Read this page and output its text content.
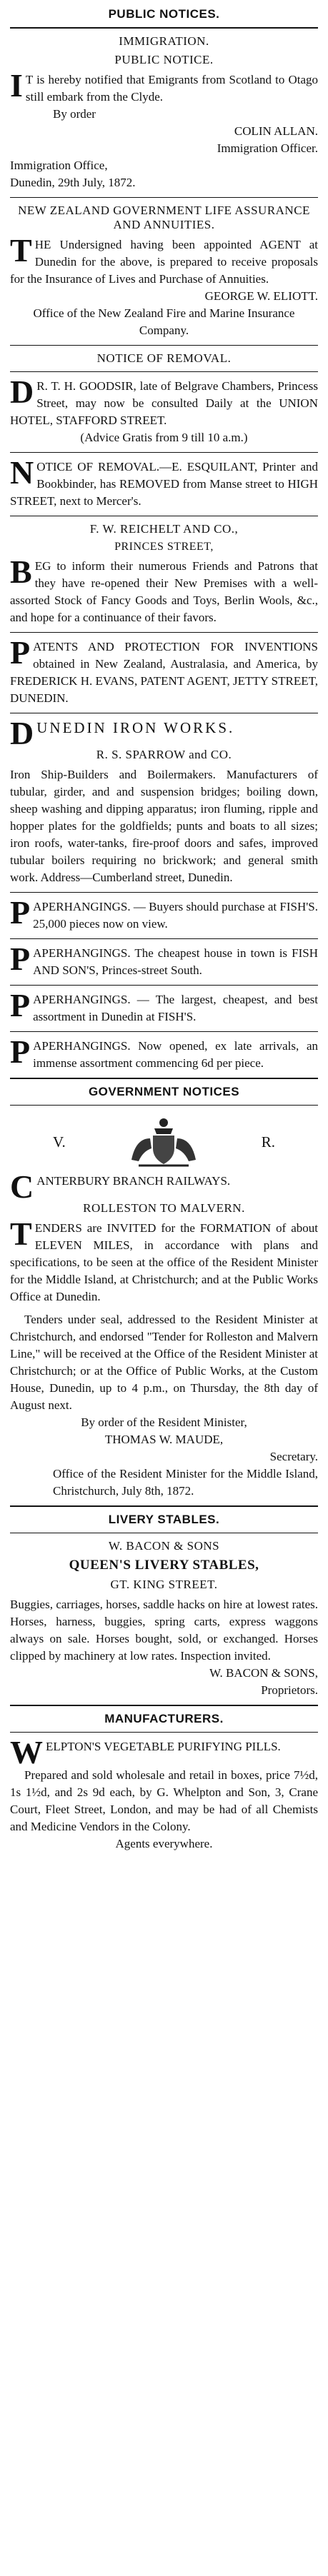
PUBLIC NOTICES.
IMMIGRATION.
PUBLIC NOTICE.

I T is hereby notified that Emigrants from Scotland to Otago still embark from the Clyde.

By order

COLIN ALLAN.

Immigration Officer.

Immigration Office,

Dunedin, 29th July, 1872.

NEW ZEALAND GOVERNMENT LIFE ASSURANCE AND ANNUITIES.

THE Undersigned having been appointed AGENT at Dunedin for the above, is prepared to receive proposals for the Insurance of Lives and Purchase of Annuities.

GEORGE W. ELIOTT.

Office of the New Zealand Fire and Marine Insurance Company.

NOTICE OF REMOVAL.

D R. T. H. GOODSIR, late of Belgrave Chambers, Princess Street, may now be consulted Daily at the UNION HOTEL, STAFFORD STREET.

(Advice Gratis from 9 till 10 a.m.)

NOTICE OF REMOVAL.—E. ESQUILANT, Printer and Bookbinder, has REMOVED from Manse street to HIGH STREET, next to Mercer's.

F. W. REICHELT AND CO.,
PRINCES STREET,

BEG to inform their numerous Friends and Patrons that they have re-opened their New Premises with a well-assorted Stock of Fancy Goods and Toys, Berlin Wools, &c., and hope for a continuance of their favors.

PATENTS AND PROTECTION FOR INVENTIONS obtained in New Zealand, Australasia, and America, by FREDERICK H. EVANS, PATENT AGENT, JETTY STREET, DUNEDIN.

D UNEDIN IRON WORKS.

R. S. SPARROW and CO.

Iron Ship-Builders and Boilermakers. Manufacturers of tubular, girder, and and suspension bridges; boiling down, sheep washing and dipping apparatus; iron fluming, ripple and hopper plates for the goldfields; punts and boats to all sizes; iron roofs, water-tanks, fire-proof doors and safes, improved tubular boilers requiring no brickwork; and general smith work. Address—Cumberland street, Dunedin.

PAPERHANGINGS. — Buyers should purchase at FISH'S. 25,000 pieces now on view.

PAPERHANGINGS. The cheapest house in town is FISH AND SON'S, Princes-street South.

PAPERHANGINGS. — The largest, cheapest, and best assortment in Dunedin at FISH'S.

PAPERHANGINGS. Now opened, ex late arrivals, an immense assortment commencing 6d per piece.

GOVERNMENT NOTICES
V.	R.

CANTERBURY BRANCH RAILWAYS.

ROLLESTON TO MALVERN.

TENDERS are INVITED for the FORMATION of about ELEVEN MILES, in accordance with plans and specifications, to be seen at the office of the Resident Minister for the Middle Island, at Christchurch; and at the Public Works Office at Dunedin.

Tenders under seal, addressed to the Resident Minister at Christchurch, and endorsed "Tender for Rolleston and Malvern Line," will be received at the Office of the Resident Minister at Christchurch; or at the Office of Public Works, at the Custom House, Dunedin, up to 4 p.m., on Thursday, the 8th day of August next.

By order of the Resident Minister,

THOMAS W. MAUDE,

Secretary.

Office of the Resident Minister for the Middle Island, Christchurch, July 8th, 1872.

LIVERY STABLES.
W. BACON & SONS
QUEEN'S LIVERY STABLES,
GT. KING STREET.

Buggies, carriages, horses, saddle hacks on hire at lowest rates. Horses, harness, buggies, spring carts, express waggons always on sale. Horses bought, sold, or exchanged. Horses clipped by machinery at low rates. Inspection invited.

W. BACON & SONS,

Proprietors.

MANUFACTURERS.

WELPTON'S VEGETABLE PURIFYING PILLS.

Prepared and sold wholesale and retail in boxes, price 7½d, 1s 1½d, and 2s 9d each, by G. Whelpton and Son, 3, Crane Court, Fleet Street, London, and may be had of all Chemists and Medicine Vendors in the Colony.

Agents everywhere.
